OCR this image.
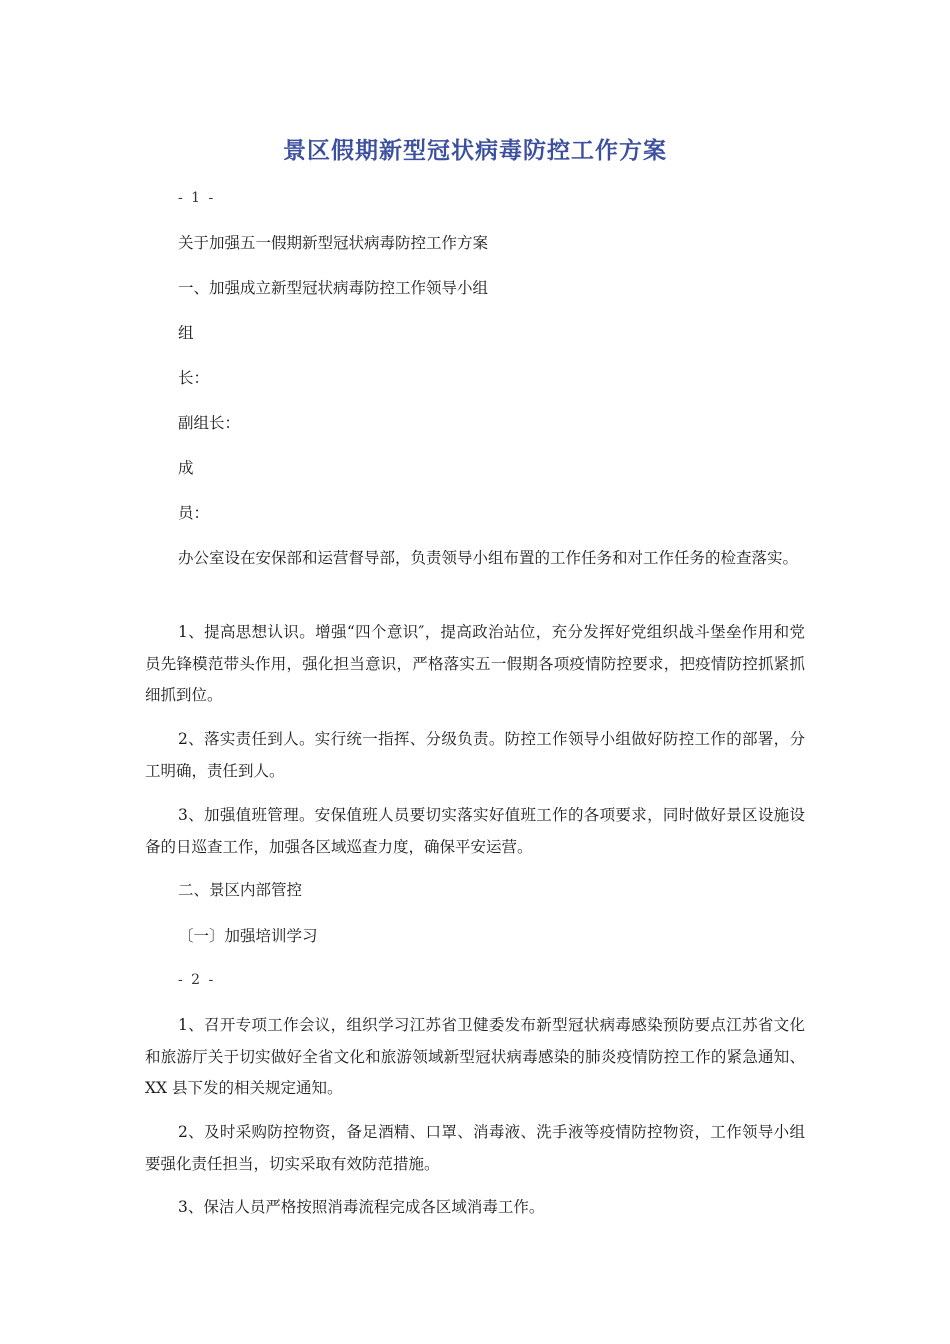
景区假期新型冠状病毒防控工作方案
- 1 -
关于加强五一假期新型冠状病毒防控工作方案
一、加强成立新型冠状病毒防控工作领导小组
组
长：
副组长：
成
员：
办公室设在安保部和运营督导部，负责领导小组布置的工作任务和对工作任务的检查落实。
1、提高思想认识。增强“四个意识″，提高政治站位，充分发挥好党组织战斗堡垒作用和党员先锋模范带头作用，强化担当意识，严格落实五一假期各项疫情防控要求，把疫情防控抓紧抓细抓到位。
2、落实责任到人。实行统一指挥、分级负责。防控工作领导小组做好防控工作的部署，分工明确，责任到人。
3、加强值班管理。安保值班人员要切实落实好值班工作的各项要求，同时做好景区设施设备的日巡查工作，加强各区域巡查力度，确保平安运营。
二、景区内部管控
〔一〕加强培训学习
- 2 -
1、召开专项工作会议，组织学习江苏省卫健委发布新型冠状病毒感染预防要点江苏省文化和旅游厅关于切实做好全省文化和旅游领域新型冠状病毒感染的肺炎疫情防控工作的紧急通知、XX 县下发的相关规定通知。
2、及时采购防控物资，备足酒精、口罩、消毒液、洗手液等疫情防控物资，工作领导小组要强化责任担当，切实采取有效防范措施。
3、保洁人员严格按照消毒流程完成各区域消毒工作。
